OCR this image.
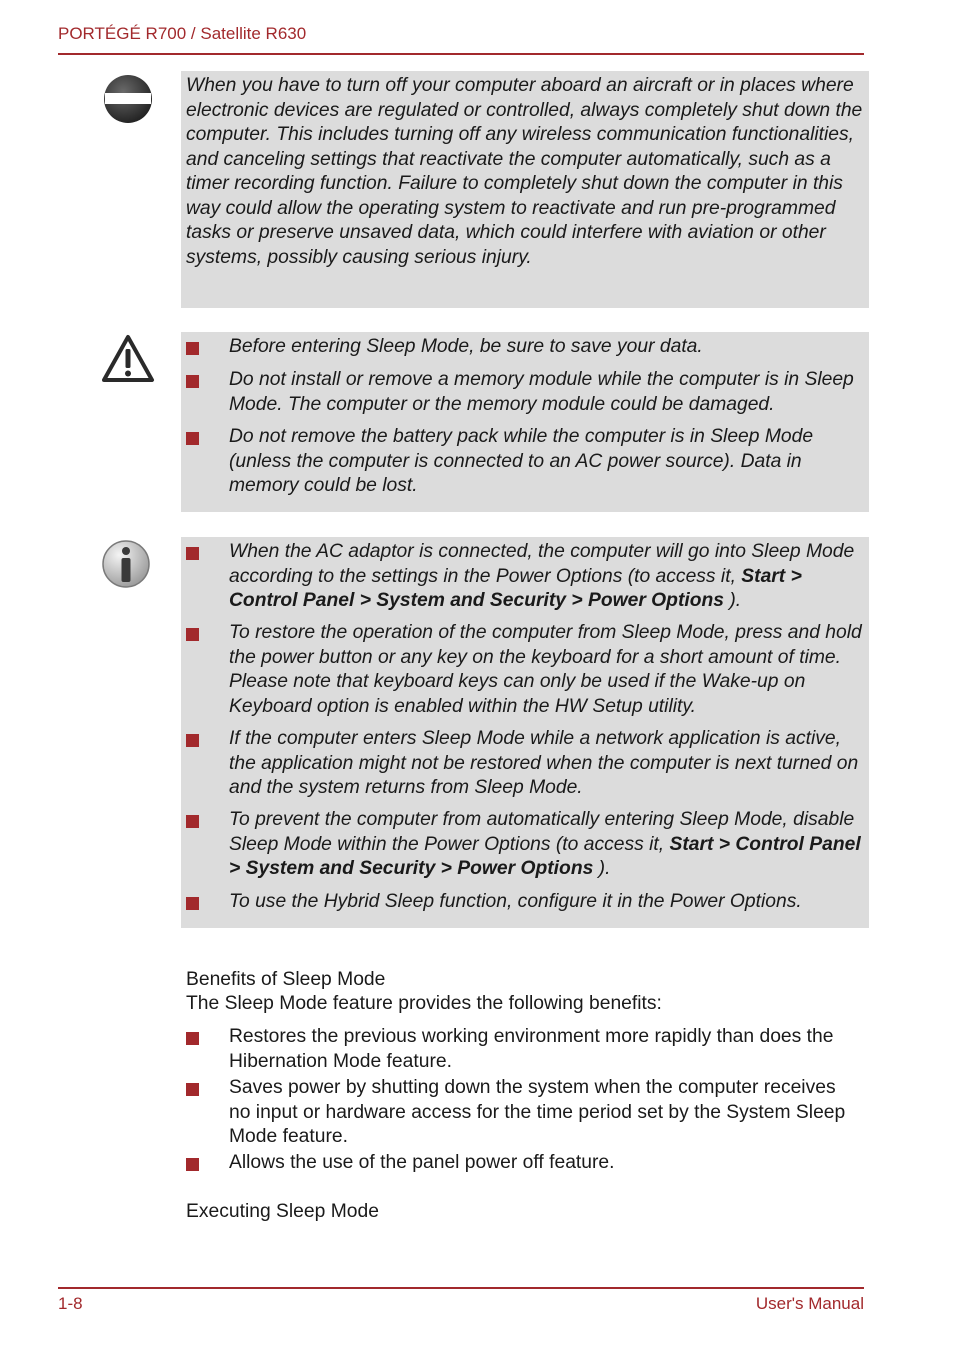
PORTÉGÉ R700 / Satellite R630
When you have to turn off your computer aboard an aircraft or in places where electronic devices are regulated or controlled, always completely shut down the computer. This includes turning off any wireless communication functionalities, and canceling settings that reactivate the computer automatically, such as a timer recording function. Failure to completely shut down the computer in this way could allow the operating system to reactivate and run pre-programmed tasks or preserve unsaved data, which could interfere with aviation or other systems, possibly causing serious injury.
Before entering Sleep Mode, be sure to save your data.
Do not install or remove a memory module while the computer is in Sleep Mode. The computer or the memory module could be damaged.
Do not remove the battery pack while the computer is in Sleep Mode (unless the computer is connected to an AC power source). Data in memory could be lost.
When the AC adaptor is connected, the computer will go into Sleep Mode according to the settings in the Power Options (to access it, Start > Control Panel > System and Security > Power Options ).
To restore the operation of the computer from Sleep Mode, press and hold the power button or any key on the keyboard for a short amount of time. Please note that keyboard keys can only be used if the Wake-up on Keyboard option is enabled within the HW Setup utility.
If the computer enters Sleep Mode while a network application is active, the application might not be restored when the computer is next turned on and the system returns from Sleep Mode.
To prevent the computer from automatically entering Sleep Mode, disable Sleep Mode within the Power Options (to access it, Start > Control Panel > System and Security > Power Options ).
To use the Hybrid Sleep function, configure it in the Power Options.
Benefits of Sleep Mode
The Sleep Mode feature provides the following benefits:
Restores the previous working environment more rapidly than does the Hibernation Mode feature.
Saves power by shutting down the system when the computer receives no input or hardware access for the time period set by the System Sleep Mode feature.
Allows the use of the panel power off feature.
Executing Sleep Mode
1-8	User's Manual
